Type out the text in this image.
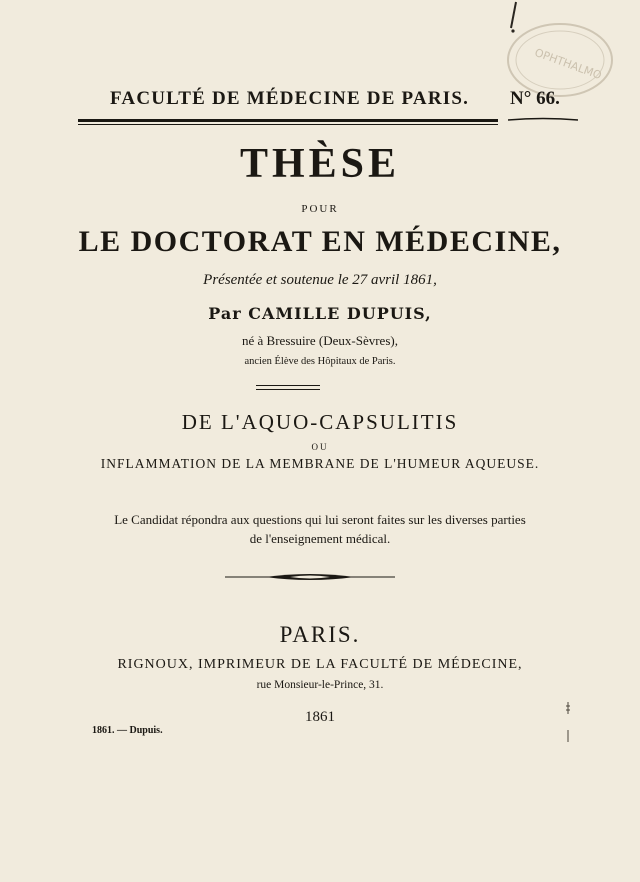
OPHTHALMO
FACULTÉ DE MÉDECINE DE PARIS. N° 66.
THÈSE
POUR
LE DOCTORAT EN MÉDECINE,
Présentée et soutenue le 27 avril 1861,
Par CAMILLE DUPUIS,
né à Bressuire (Deux-Sèvres),
ancien Élève des Hôpitaux de Paris.
DE L'AQUO-CAPSULITIS
OU
INFLAMMATION DE LA MEMBRANE DE L'HUMEUR AQUEUSE.
Le Candidat répondra aux questions qui lui seront faites sur les diverses parties
de l'enseignement médical.
PARIS.
RIGNOUX, IMPRIMEUR DE LA FACULTÉ DE MÉDECINE,
rue Monsieur-le-Prince, 31.
1861
1861. — Dupuis.
